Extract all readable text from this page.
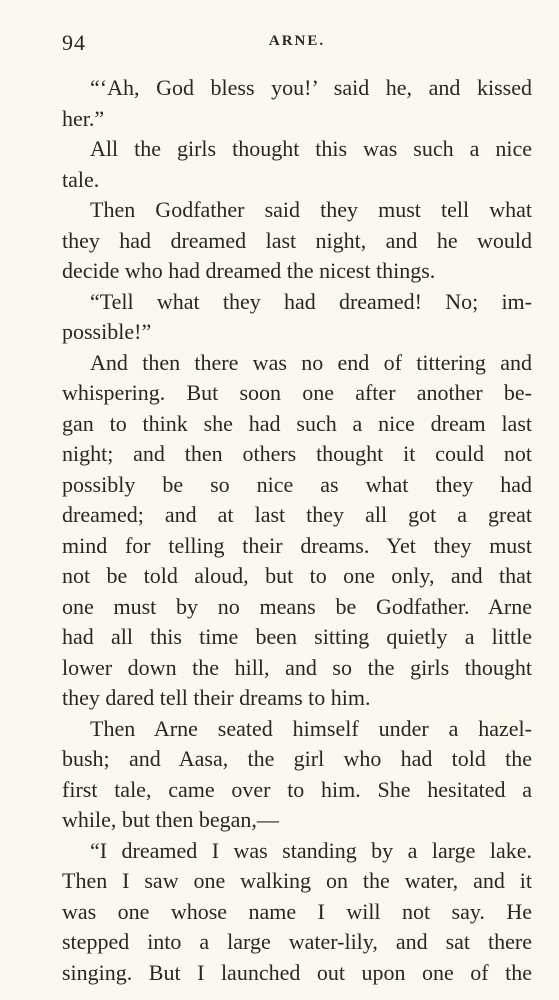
94	ARNE.
“‘Ah, God bless you!’ said he, and kissed
her.”
All the girls thought this was such a nice
tale.
Then Godfather said they must tell what
they had dreamed last night, and he would
decide who had dreamed the nicest things.
“Tell what they had dreamed! No; im-
possible!”
And then there was no end of tittering and
whispering. But soon one after another be-
gan to think she had such a nice dream last
night; and then others thought it could not
possibly be so nice as what they had
dreamed; and at last they all got a great
mind for telling their dreams. Yet they must
not be told aloud, but to one only, and that
one must by no means be Godfather. Arne
had all this time been sitting quietly a little
lower down the hill, and so the girls thought
they dared tell their dreams to him.
Then Arne seated himself under a hazel-
bush; and Aasa, the girl who had told the
first tale, came over to him. She hesitated a
while, but then began,—
“I dreamed I was standing by a large lake.
Then I saw one walking on the water, and it
was one whose name I will not say. He
stepped into a large water-lily, and sat there
singing. But I launched out upon one of the
